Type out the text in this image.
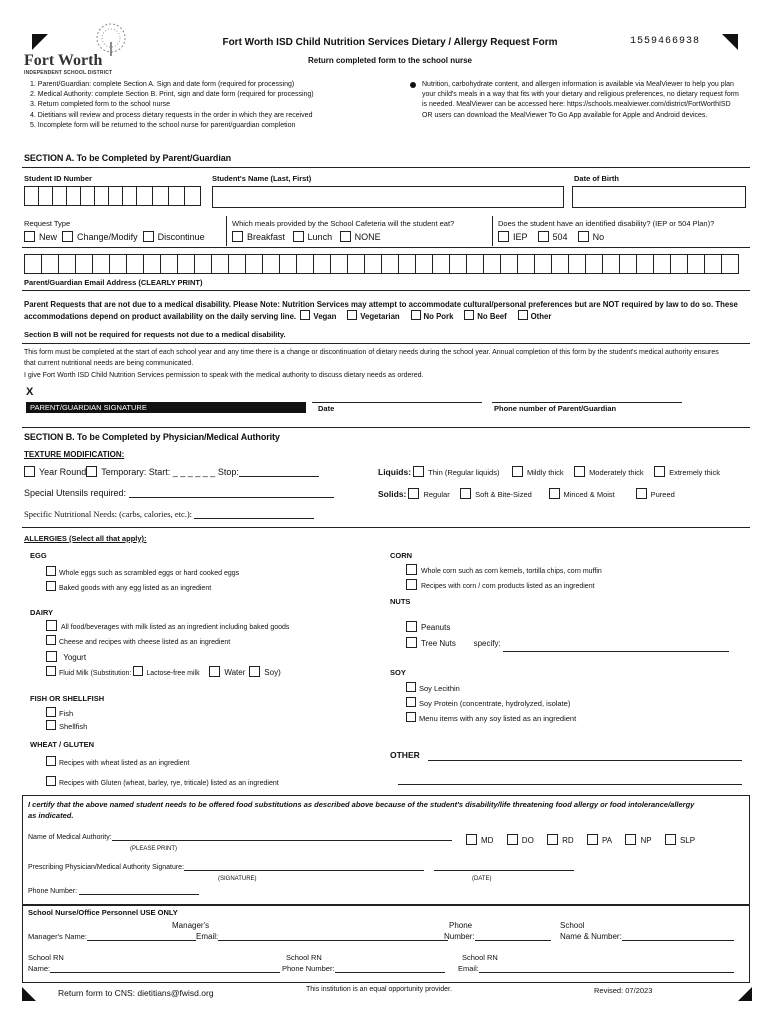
Fort Worth
INDEPENDENT SCHOOL DISTRICT
Fort Worth ISD Child Nutrition Services Dietary / Allergy Request Form
Return completed form to the school nurse
1559466938
1. Parent/Guardian: complete Section A. Sign and date form (required for processing)
2. Medical Authority: complete Section B. Print, sign and date form (required for processing)
3. Return completed form to the school nurse
4. Dietitians will review and process dietary requests in the order in which they are received
5. Incomplete form will be returned to the school nurse for parent/guardian completion
Nutrition, carbohydrate content, and allergen information is available via MealViewer to help you plan your child's meals in a way that fits with your dietary and religious preferences, no dietary request form is needed. MealViewer can be accessed here: https://schools.mealviewer.com/district/FortWorthISD OR users can download the MealViewer To Go App available for Apple and Android devices.
SECTION A. To be Completed by Parent/Guardian
Student ID Number	Student's Name (Last, First)	Date of Birth
Request Type
New Change/Modify Discontinue
Which meals provided by the School Cafeteria will the student eat?
Breakfast	Lunch	NONE
Does the student have an identified disability? (IEP or 504 Plan)?
IEP	504	No
Parent/Guardian Email Address (CLEARLY PRINT)
Parent Requests that are not due to a medical disability. Please Note: Nutrition Services may attempt to accommodate cultural/personal preferences but are NOT required by law to do so. These accommodations depend on product availability on the daily serving line. Vegan	Vegetarian	No Pork	No Beef	Other
Section B will not be required for requests not due to a medical disability.
This form must be completed at the start of each school year and any time there is a change or discontinuation of dietary needs during the school year. Annual completion of this form by the student's medical authority ensures that current nutritional needs are being communicated.
I give Fort Worth ISD Child Nutrition Services permission to speak with the medical authority to discuss dietary needs as ordered.
X
PARENT/GUARDIAN SIGNATURE	Date	Phone number of Parent/Guardian
SECTION B. To be Completed by Physician/Medical Authority
TEXTURE MODIFICATION:
Year Round Temporary: Start: _ _ _ _ _ _ Stop:	Liquids: Thin (Regular liquids)	Mildly thick	Moderately thick	Extremely thick
Special Utensils required:	Solids: Regular	Soft & Bite-Sized	Minced & Moist	Pureed
Specific Nutritional Needs: (carbs, calories, etc.):
ALLERGIES (Select all that apply):
EGG
Whole eggs such as scrambled eggs or hard cooked eggs
Baked goods with any egg listed as an ingredient
DAIRY
All food/beverages with milk listed as an ingredient including baked goods
Cheese and recipes with cheese listed as an ingredient
Yogurt
Fluid Milk (Substitution: Lactose-free milk	Water Soy)
FISH OR SHELLFISH
Fish
Shellfish
WHEAT / GLUTEN
Recipes with wheat listed as an ingredient
Recipes with Gluten (wheat, barley, rye, triticale) listed as an ingredient
CORN
Whole corn such as corn kernels, tortilla chips, corn muffin
Recipes with corn / corn products listed as an ingredient
NUTS
Peanuts
Tree Nuts specify:
SOY
Soy Lecithin
Soy Protein (concentrate, hydrolyzed, isolate)
Menu items with any soy listed as an ingredient
OTHER
I certify that the above named student needs to be offered food substitutions as described above because of the student's disability/life threatening food allergy or food intolerance/allergy as indicated.
Name of Medical Authority:
(PLEASE PRINT)
MD	DO	RD	PA	NP	SLP
Prescribing Physician/Medical Authority Signature:
(SIGNATURE)	(DATE)
Phone Number:
School Nurse/Office Personnel USE ONLY
Manager's Name:
Manager's
Email:
Phone
Number:
School
Name & Number:
School RN
Name:
School RN
Phone Number:
School RN
Email:
Return form to CNS: dietitians@fwisd.org	This institution is an equal opportunity provider.	Revised: 07/2023
